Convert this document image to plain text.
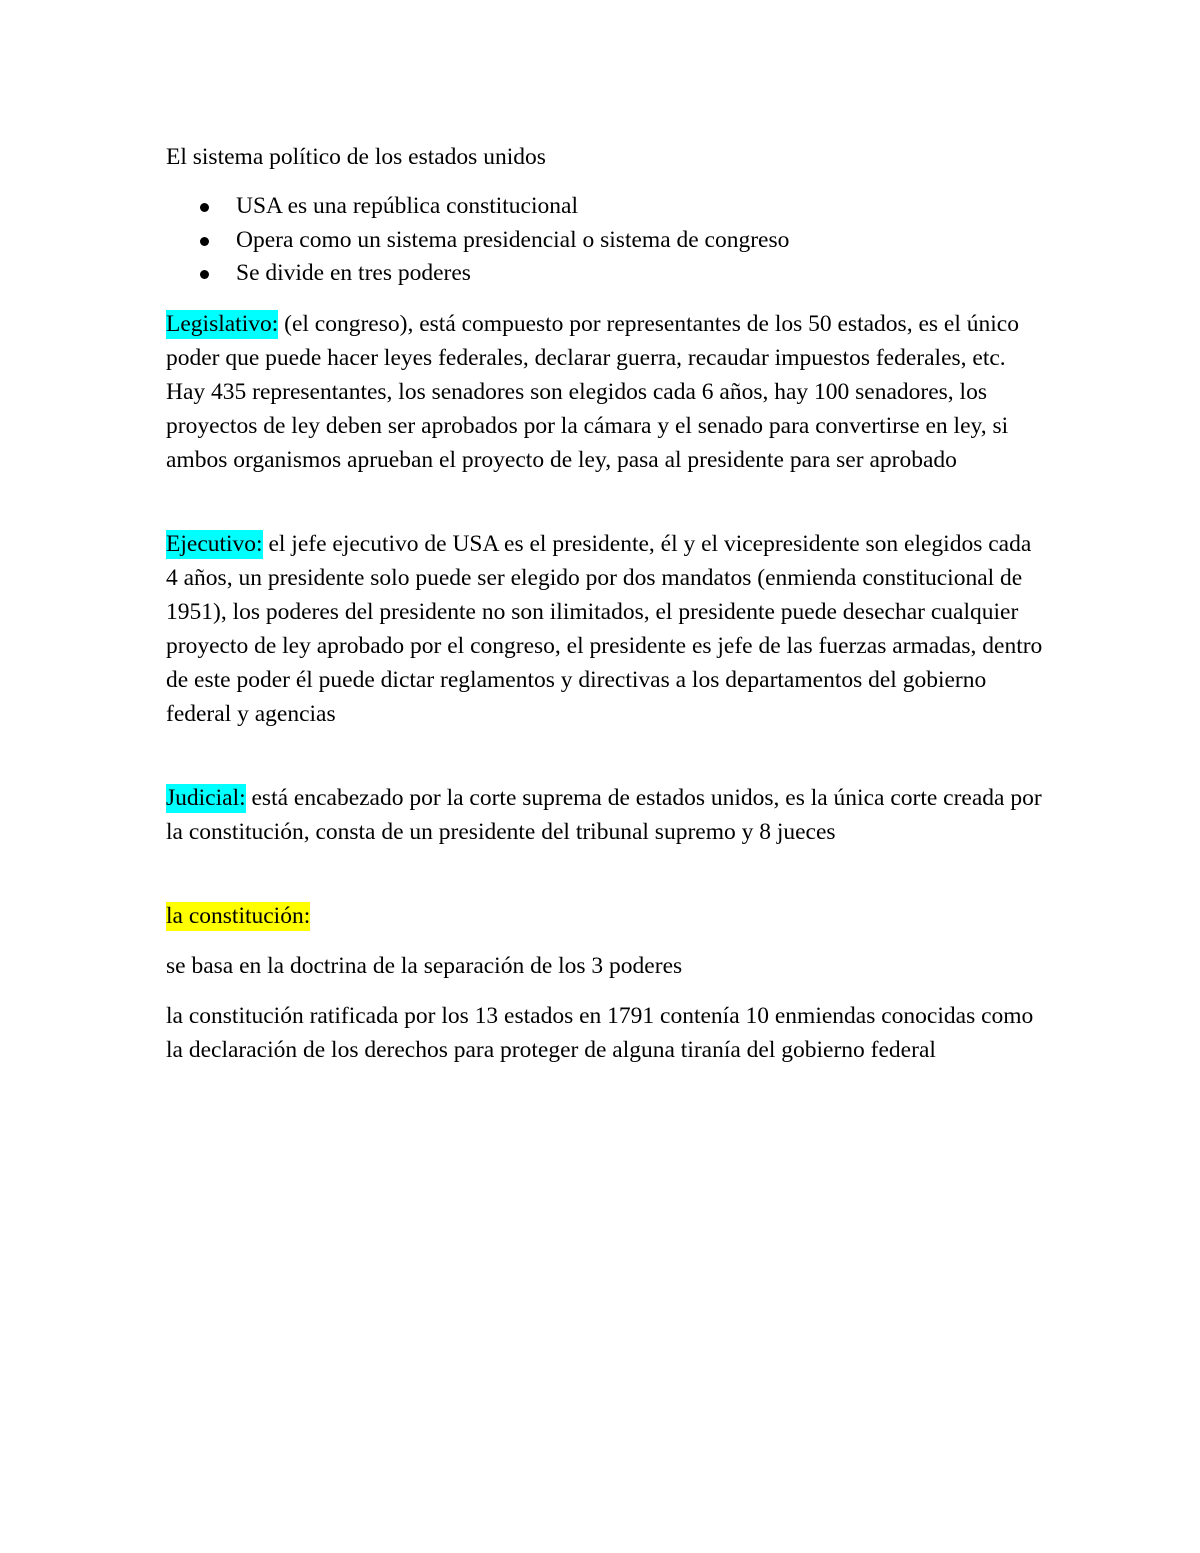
El sistema político de los estados unidos

USA es una república constitucional
Opera como un sistema presidencial o sistema de congreso
Se divide en tres poderes

Legislativo: (el congreso), está compuesto por representantes de los 50 estados, es el único poder que puede hacer leyes federales, declarar guerra, recaudar impuestos federales, etc. Hay 435 representantes, los senadores son elegidos cada 6 años, hay 100 senadores, los proyectos de ley deben ser aprobados por la cámara y el senado para convertirse en ley, si ambos organismos aprueban el proyecto de ley, pasa al presidente para ser aprobado

Ejecutivo: el jefe ejecutivo de USA es el presidente, él y el vicepresidente son elegidos cada 4 años, un presidente solo puede ser elegido por dos mandatos (enmienda constitucional de 1951), los poderes del presidente no son ilimitados, el presidente puede desechar cualquier proyecto de ley aprobado por el congreso, el presidente es jefe de las fuerzas armadas, dentro de este poder él puede dictar reglamentos y directivas a los departamentos del gobierno federal y agencias

Judicial: está encabezado por la corte suprema de estados unidos, es la única corte creada por la constitución, consta de un presidente del tribunal supremo y 8 jueces

la constitución:

se basa en la doctrina de la separación de los 3 poderes

la constitución ratificada por los 13 estados en 1791 contenía 10 enmiendas conocidas como la declaración de los derechos para proteger de alguna tiranía del gobierno federal
